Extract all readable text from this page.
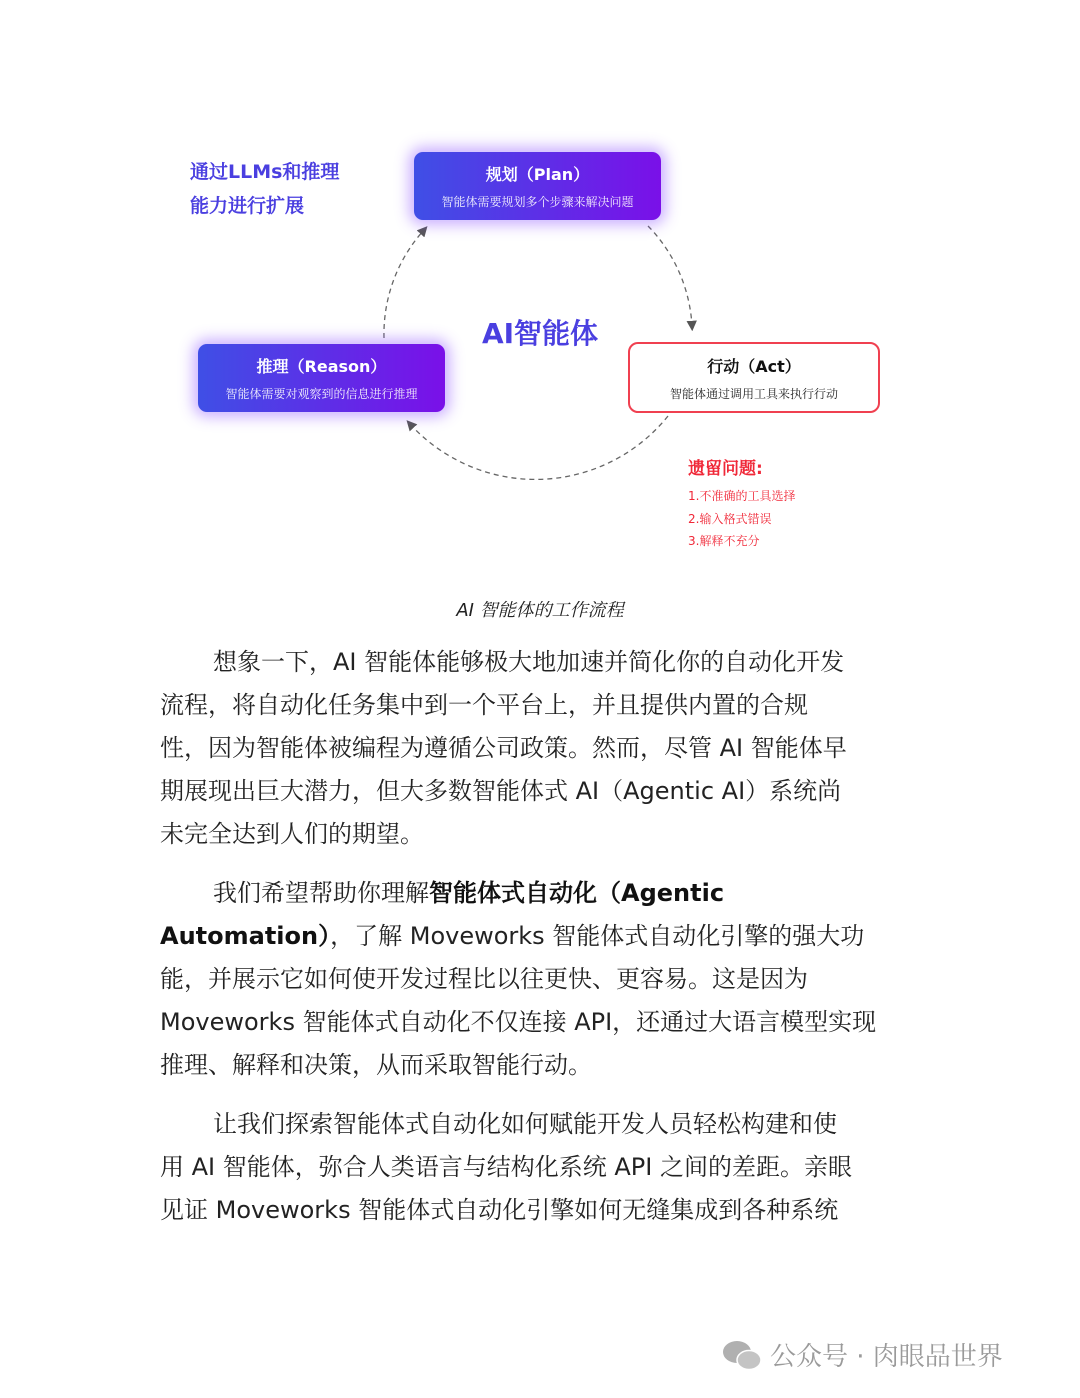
通过LLMs和推理
能力进行扩展
规划（Plan）
智能体需要规划多个步骤来解决问题
AI智能体
推理（Reason）
智能体需要对观察到的信息进行推理
行动（Act）
智能体通过调用工具来执行行动
遗留问题:
1.不准确的工具选择
2.输入格式错误
3.解释不充分
AI 智能体的工作流程
想象一下，AI 智能体能够极大地加速并简化你的自动化开发
流程，将自动化任务集中到一个平台上，并且提供内置的合规
性，因为智能体被编程为遵循公司政策。然而，尽管 AI 智能体早
期展现出巨大潜力，但大多数智能体式 AI（Agentic AI）系统尚
未完全达到人们的期望。
我们希望帮助你理解智能体式自动化（Agentic
Automation），了解 Moveworks 智能体式自动化引擎的强大功
能，并展示它如何使开发过程比以往更快、更容易。这是因为
Moveworks 智能体式自动化不仅连接 API，还通过大语言模型实现
推理、解释和决策，从而采取智能行动。
让我们探索智能体式自动化如何赋能开发人员轻松构建和使
用 AI 智能体，弥合人类语言与结构化系统 API 之间的差距。亲眼
见证 Moveworks 智能体式自动化引擎如何无缝集成到各种系统
公众号 · 肉眼品世界
